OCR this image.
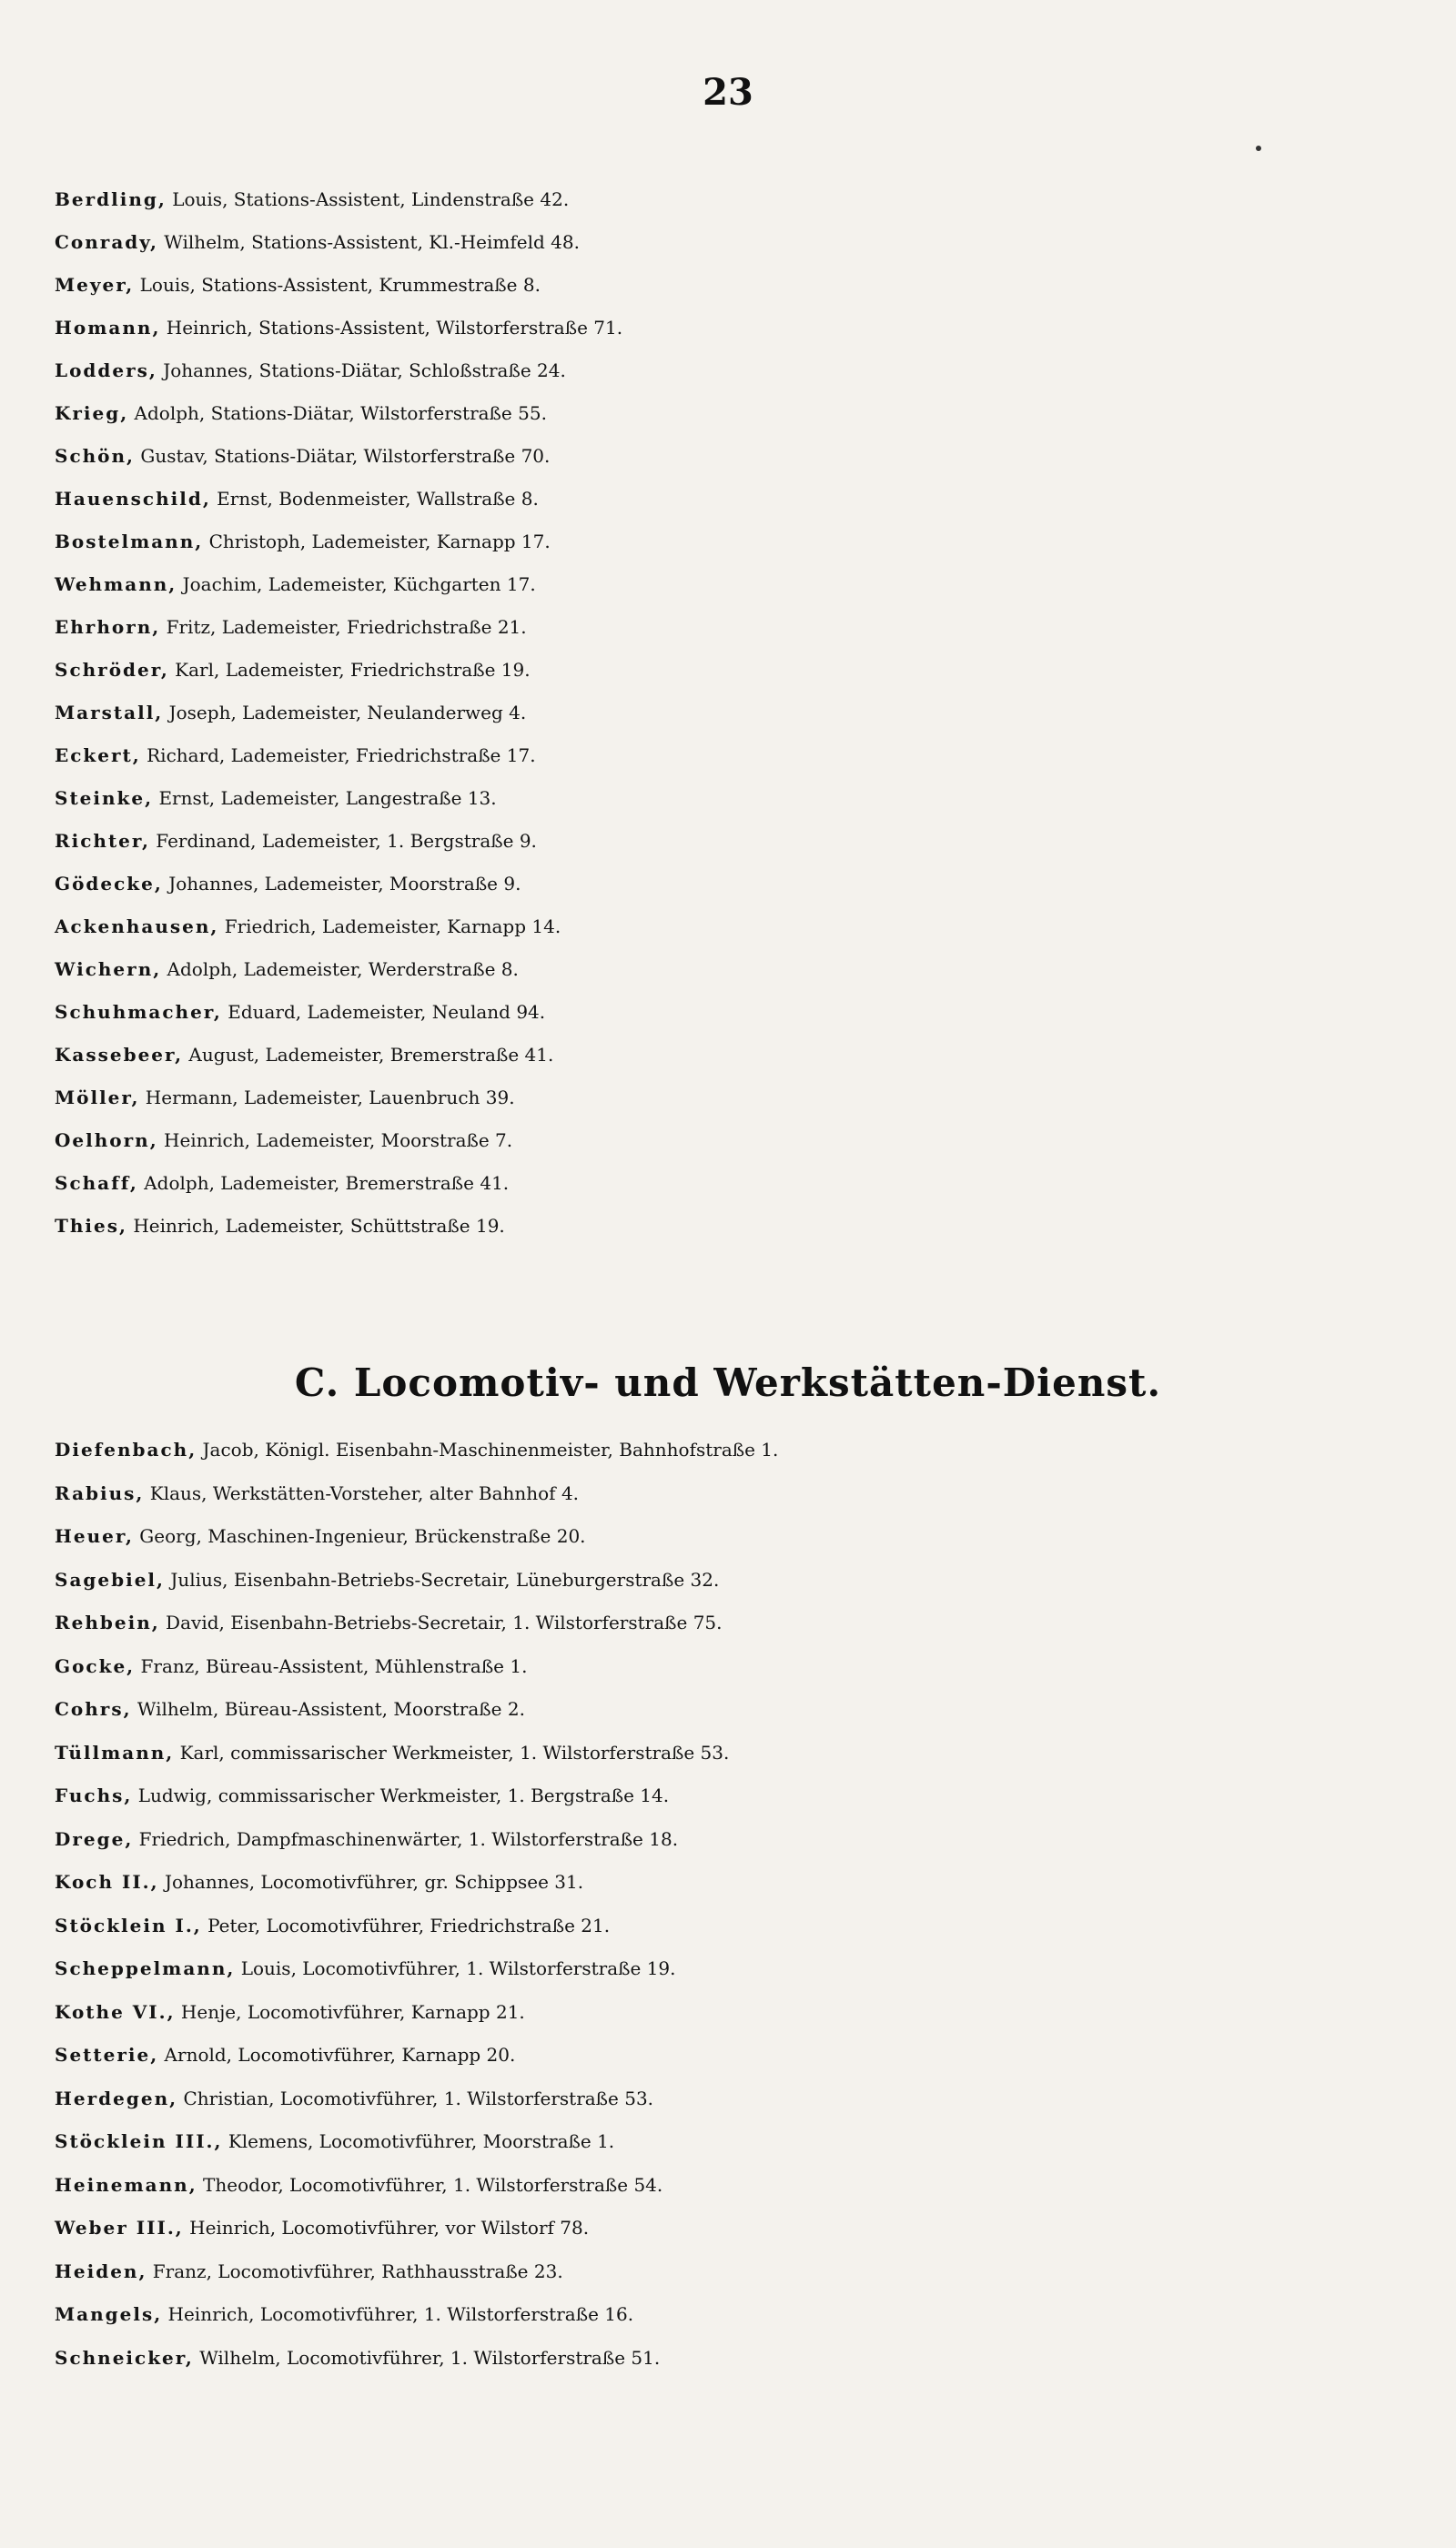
23
Berdling, Louis, Stations-Assistent, Lindenstraße 42.
Conrady, Wilhelm, Stations-Assistent, Kl.-Heimfeld 48.
Meyer, Louis, Stations-Assistent, Krummestraße 8.
Homann, Heinrich, Stations-Assistent, Wilstorferstraße 71.
Lodders, Johannes, Stations-Diätar, Schloßstraße 24.
Krieg, Adolph, Stations-Diätar, Wilstorferstraße 55.
Schön, Gustav, Stations-Diätar, Wilstorferstraße 70.
Hauenschild, Ernst, Bodenmeister, Wallstraße 8.
Bostelmann, Christoph, Lademeister, Karnapp 17.
Wehmann, Joachim, Lademeister, Küchgarten 17.
Ehrhorn, Fritz, Lademeister, Friedrichstraße 21.
Schröder, Karl, Lademeister, Friedrichstraße 19.
Marstall, Joseph, Lademeister, Neulanderweg 4.
Eckert, Richard, Lademeister, Friedrichstraße 17.
Steinke, Ernst, Lademeister, Langestraße 13.
Richter, Ferdinand, Lademeister, 1. Bergstraße 9.
Gödecke, Johannes, Lademeister, Moorstraße 9.
Ackenhausen, Friedrich, Lademeister, Karnapp 14.
Wichern, Adolph, Lademeister, Werderstraße 8.
Schuhmacher, Eduard, Lademeister, Neuland 94.
Kassebeer, August, Lademeister, Bremerstraße 41.
Möller, Hermann, Lademeister, Lauenbruch 39.
Oelhorn, Heinrich, Lademeister, Moorstraße 7.
Schaff, Adolph, Lademeister, Bremerstraße 41.
Thies, Heinrich, Lademeister, Schüttstraße 19.
C. Locomotiv- und Werkstätten-Dienst.
Diefenbach, Jacob, Königl. Eisenbahn-Maschinenmeister, Bahnhofstraße 1.
Rabius, Klaus, Werkstätten-Vorsteher, alter Bahnhof 4.
Heuer, Georg, Maschinen-Ingenieur, Brückenstraße 20.
Sagebiel, Julius, Eisenbahn-Betriebs-Secretair, Lüneburgerstraße 32.
Rehbein, David, Eisenbahn-Betriebs-Secretair, 1. Wilstorferstraße 75.
Gocke, Franz, Büreau-Assistent, Mühlenstraße 1.
Cohrs, Wilhelm, Büreau-Assistent, Moorstraße 2.
Tüllmann, Karl, commissarischer Werkmeister, 1. Wilstorferstraße 53.
Fuchs, Ludwig, commissarischer Werkmeister, 1. Bergstraße 14.
Drege, Friedrich, Dampfmaschinenwärter, 1. Wilstorferstraße 18.
Koch II., Johannes, Locomotivführer, gr. Schippsee 31.
Stöcklein I., Peter, Locomotivführer, Friedrichstraße 21.
Scheppelmann, Louis, Locomotivführer, 1. Wilstorferstraße 19.
Kothe VI., Henje, Locomotivführer, Karnapp 21.
Setterie, Arnold, Locomotivführer, Karnapp 20.
Herdegen, Christian, Locomotivführer, 1. Wilstorferstraße 53.
Stöcklein III., Klemens, Locomotivführer, Moorstraße 1.
Heinemann, Theodor, Locomotivführer, 1. Wilstorferstraße 54.
Weber III., Heinrich, Locomotivführer, vor Wilstorf 78.
Heiden, Franz, Locomotivführer, Rathhausstraße 23.
Mangels, Heinrich, Locomotivführer, 1. Wilstorferstraße 16.
Schneicker, Wilhelm, Locomotivführer, 1. Wilstorferstraße 51.
